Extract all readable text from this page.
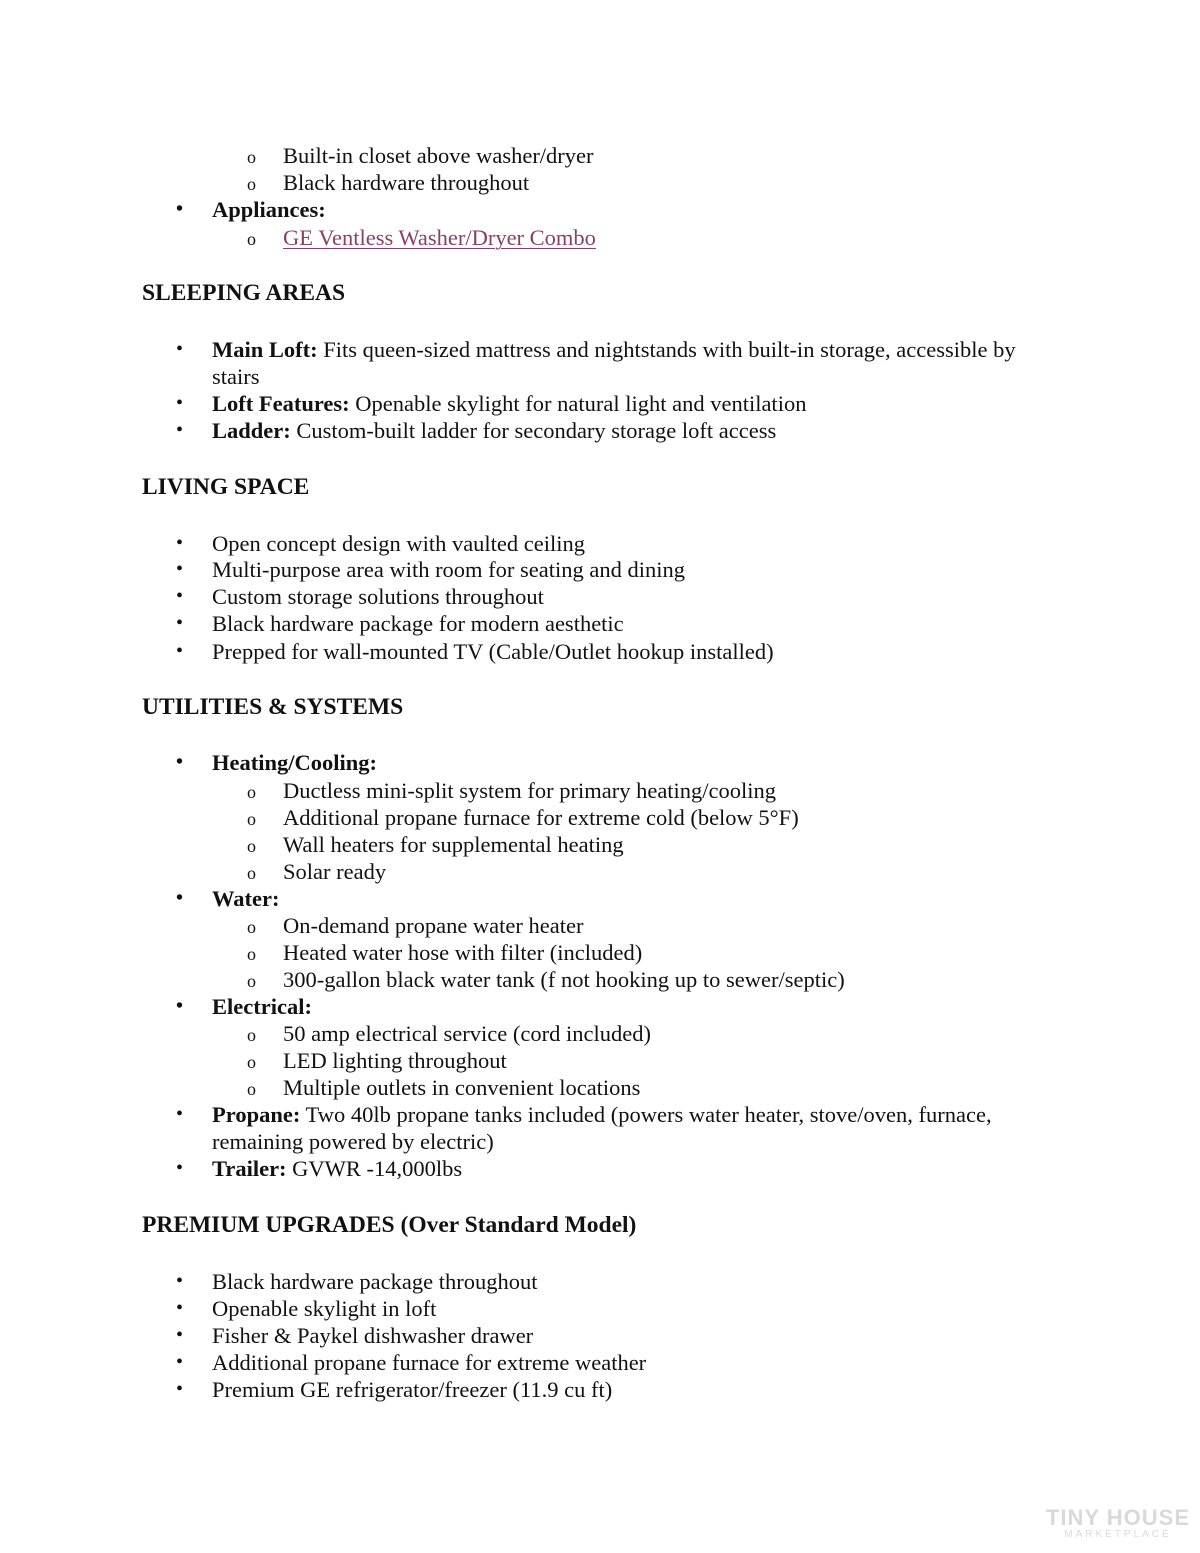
o Built-in closet above washer/dryer
o Black hardware throughout
• Appliances:
o GE Ventless Washer/Dryer Combo
SLEEPING AREAS
• Main Loft: Fits queen-sized mattress and nightstands with built-in storage, accessible by
stairs
• Loft Features: Openable skylight for natural light and ventilation
• Ladder: Custom-built ladder for secondary storage loft access
LIVING SPACE
• Open concept design with vaulted ceiling
• Multi-purpose area with room for seating and dining
• Custom storage solutions throughout
• Black hardware package for modern aesthetic
• Prepped for wall-mounted TV (Cable/Outlet hookup installed)
UTILITIES & SYSTEMS
• Heating/Cooling:
o Ductless mini-split system for primary heating/cooling
o Additional propane furnace for extreme cold (below 5°F)
o Wall heaters for supplemental heating
o Solar ready
• Water:
o On-demand propane water heater
o Heated water hose with filter (included)
o 300-gallon black water tank (f not hooking up to sewer/septic)
• Electrical:
o 50 amp electrical service (cord included)
o LED lighting throughout
o Multiple outlets in convenient locations
• Propane: Two 40lb propane tanks included (powers water heater, stove/oven, furnace,
remaining powered by electric)
• Trailer: GVWR -14,000lbs
PREMIUM UPGRADES (Over Standard Model)
• Black hardware package throughout
• Openable skylight in loft
• Fisher & Paykel dishwasher drawer
• Additional propane furnace for extreme weather
• Premium GE refrigerator/freezer (11.9 cu ft)
TINY HOUSE
MARKETPLACE
